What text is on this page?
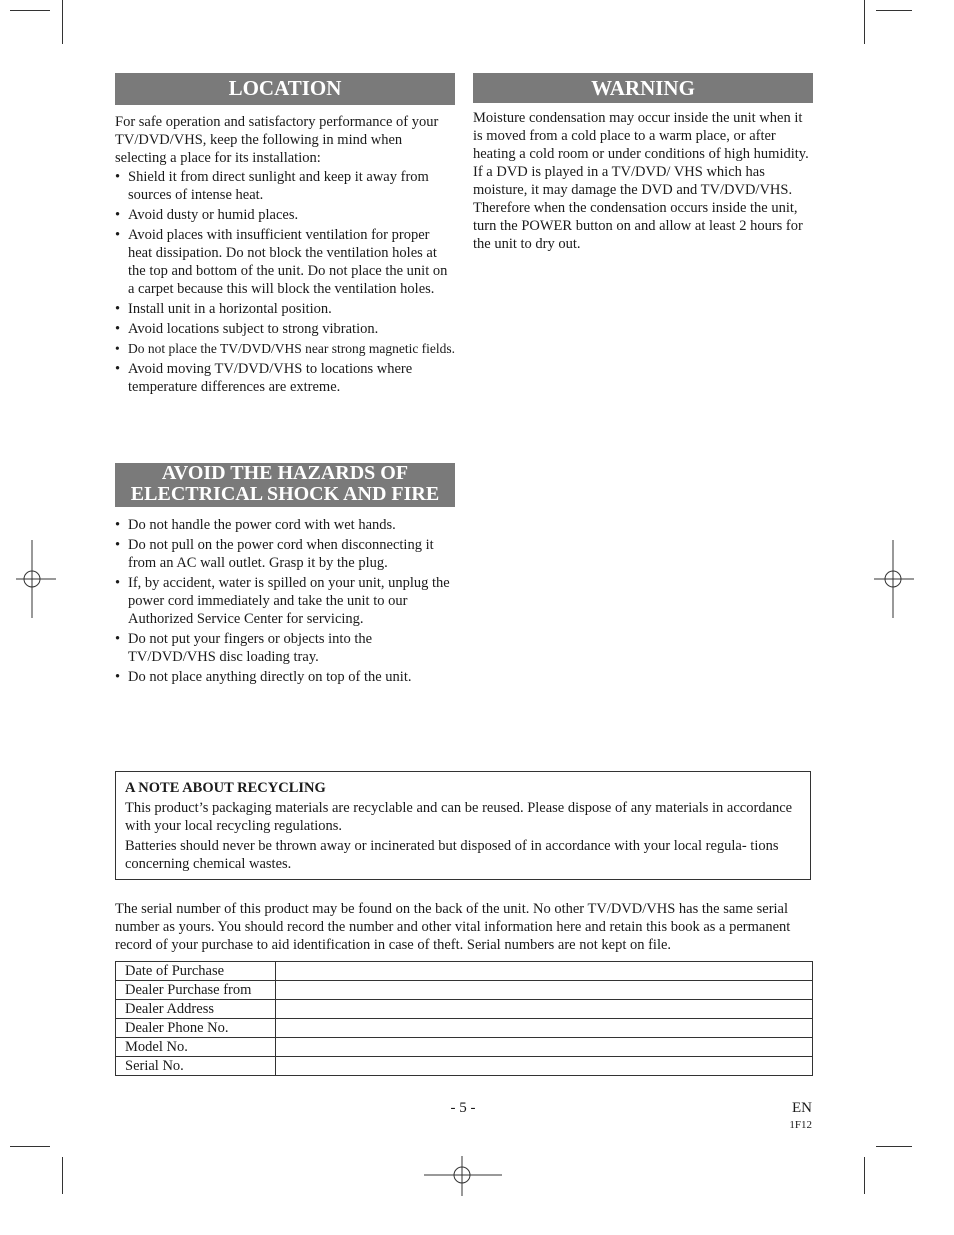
LOCATION
For safe operation and satisfactory performance of your TV/DVD/VHS, keep the following in mind when selecting a place for its installation:
• Shield it from direct sunlight and keep it away from sources of intense heat.
• Avoid dusty or humid places.
• Avoid places with insufficient ventilation for proper heat dissipation. Do not block the ventilation holes at the top and bottom of the unit. Do not place the unit on a carpet because this will block the ventilation holes.
• Install unit in a horizontal position.
• Avoid locations subject to strong vibration.
• Do not place the TV/DVD/VHS near strong magnetic fields.
• Avoid moving TV/DVD/VHS to locations where temperature differences are extreme.
WARNING
Moisture condensation may occur inside the unit when it is moved from a cold place to a warm place, or after heating a cold room or under conditions of high humidity. If a DVD is played in a TV/DVD/ VHS which has moisture, it may damage the DVD and TV/DVD/VHS. Therefore when the condensation occurs inside the unit, turn the POWER button on and allow at least 2 hours for the unit to dry out.
AVOID THE HAZARDS OF
ELECTRICAL SHOCK AND FIRE
• Do not handle the power cord with wet hands.
• Do not pull on the power cord when disconnecting it from an AC wall outlet. Grasp it by the plug.
• If, by accident, water is spilled on your unit, unplug the power cord immediately and take the unit to our Authorized Service Center for servicing.
• Do not put your fingers or objects into the TV/DVD/VHS disc loading tray.
• Do not place anything directly on top of the unit.

A NOTE ABOUT RECYCLING

This product’s packaging materials are recyclable and can be reused. Please dispose of any materials in accordance with your local recycling regulations.

Batteries should never be thrown away or incinerated but disposed of in accordance with your local regula- tions concerning chemical wastes.

The serial number of this product may be found on the back of the unit. No other TV/DVD/VHS has the same serial number as yours. You should record the number and other vital information here and retain this book as a permanent record of your purchase to aid identification in case of theft. Serial numbers are not kept on file.
Date of Purchase	
Dealer Purchase from	
Dealer Address	
Dealer Phone No.	
Model No.	
Serial No.	
- 5 -	EN
1F12
